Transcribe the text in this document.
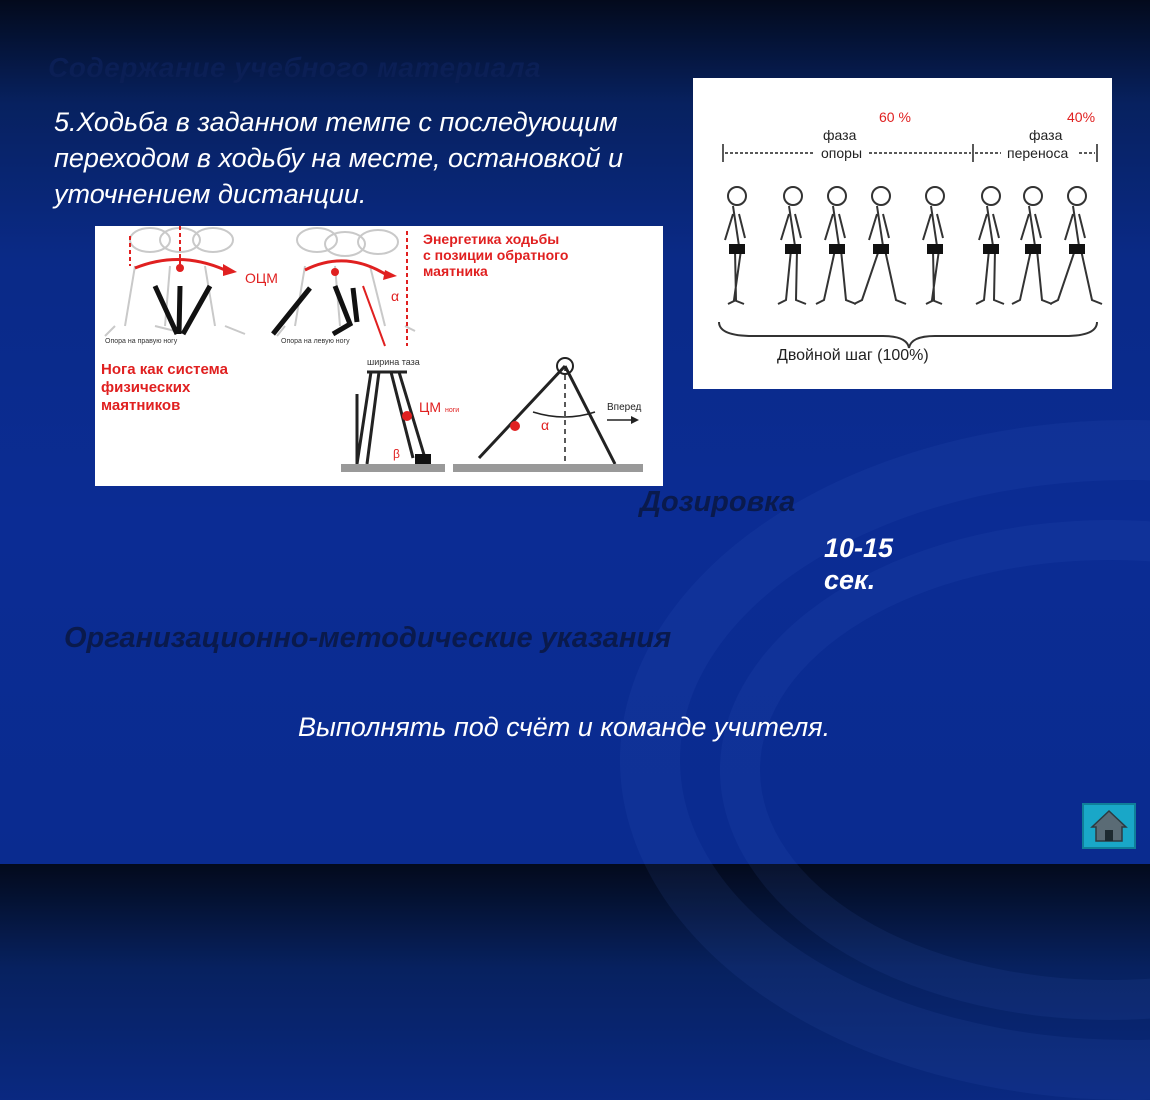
Содержание учебного материала
5.Ходьба в заданном темпе с последующим переходом в ходьбу на месте, остановкой и уточнением дистанции.
ОЦМ
α
Опора на правую ногу	Опора на левую ногу
Энергетика ходьбы
с позиции обратного
маятника
Нога как система
физических
маятников
ширина таза
ЦМ ноги
β
α
Вперед
60 %	40%
фаза	фаза
опоры	переноса
Двойной шаг (100%)
Дозировка
10-15
сек.
Организационно-методические указания
Выполнять под счёт и команде учителя.
